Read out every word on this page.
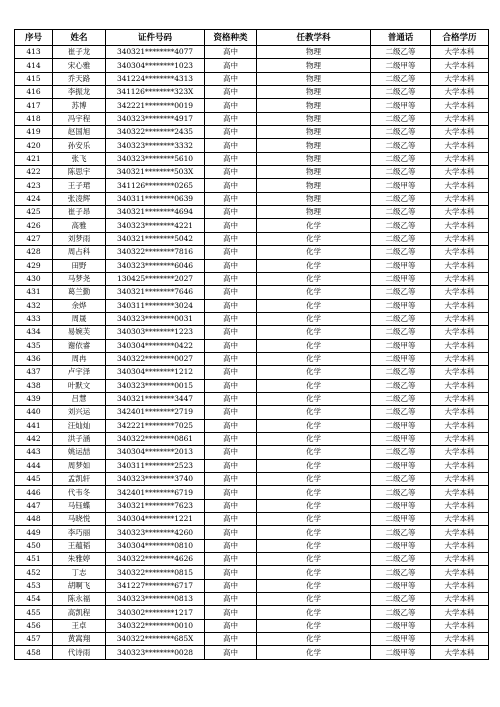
序号	姓名	证件号码	资格种类	任教学科	普通话	合格学历
413	崔子龙	340321********4077	高中	物理	二级乙等	大学本科
414	宋心雅	340304********1023	高中	物理	二级甲等	大学本科
415	乔天路	341224********4313	高中	物理	二级乙等	大学本科
416	李振龙	341126********323X	高中	物理	二级乙等	大学本科
417	苏博	342221********0019	高中	物理	二级甲等	大学本科
418	冯宇程	340323********4917	高中	物理	二级乙等	大学本科
419	赵国旭	340322********2435	高中	物理	二级乙等	大学本科
420	孙安乐	340323********3332	高中	物理	二级乙等	大学本科
421	张飞	340323********5610	高中	物理	二级乙等	大学本科
422	陈思宇	340321********503X	高中	物理	二级乙等	大学本科
423	王子珺	341126********0265	高中	物理	二级甲等	大学本科
424	张凌辉	340311********0639	高中	物理	二级乙等	大学本科
425	崔子昂	340321********4694	高中	物理	二级乙等	大学本科
426	高雅	340323********4221	高中	化学	二级乙等	大学本科
427	刘梦雨	340321********5042	高中	化学	二级乙等	大学本科
428	周占科	340322********7816	高中	化学	二级乙等	大学本科
429	田野	340323********6046	高中	化学	二级甲等	大学本科
430	马梦尧	130425********2027	高中	化学	二级甲等	大学本科
431	葛兰勤	340321********7646	高中	化学	二级乙等	大学本科
432	余烨	340311********3024	高中	化学	二级甲等	大学本科
433	周晟	340323********0031	高中	化学	二级乙等	大学本科
434	易婉芙	340303********1223	高中	化学	二级乙等	大学本科
435	谢依睿	340304********0422	高中	化学	二级甲等	大学本科
436	周冉	340322********0027	高中	化学	二级甲等	大学本科
437	卢宇泽	340304********1212	高中	化学	二级乙等	大学本科
438	叶默文	340323********0015	高中	化学	二级乙等	大学本科
439	吕慧	340321********3447	高中	化学	二级乙等	大学本科
440	刘兴运	342401********2719	高中	化学	二级乙等	大学本科
441	汪灿灿	342221********7025	高中	化学	二级甲等	大学本科
442	洪子涵	340322********0861	高中	化学	二级甲等	大学本科
443	姚运喆	340304********2013	高中	化学	二级乙等	大学本科
444	周梦如	340311********2523	高中	化学	二级甲等	大学本科
445	孟凯轩	340323********3740	高中	化学	二级乙等	大学本科
446	代韦冬	342401********6719	高中	化学	二级乙等	大学本科
447	马钰蝶	340321********7623	高中	化学	二级甲等	大学本科
448	马晓悦	340304********1221	高中	化学	二级甲等	大学本科
449	李巧丽	340323********4260	高中	化学	二级乙等	大学本科
450	王蕴韬	340304********0810	高中	化学	二级甲等	大学本科
451	朱雅婷	340322********4626	高中	化学	二级乙等	大学本科
452	丁志	340322********0815	高中	化学	二级乙等	大学本科
453	胡啊飞	341227********6717	高中	化学	二级甲等	大学本科
454	陈永福	340323********0813	高中	化学	二级乙等	大学本科
455	高凯程	340302********1217	高中	化学	二级乙等	大学本科
456	王卓	340322********0010	高中	化学	二级甲等	大学本科
457	黄嵩翔	340322********685X	高中	化学	二级甲等	大学本科
458	代诗雨	340323********0028	高中	化学	二级甲等	大学本科
